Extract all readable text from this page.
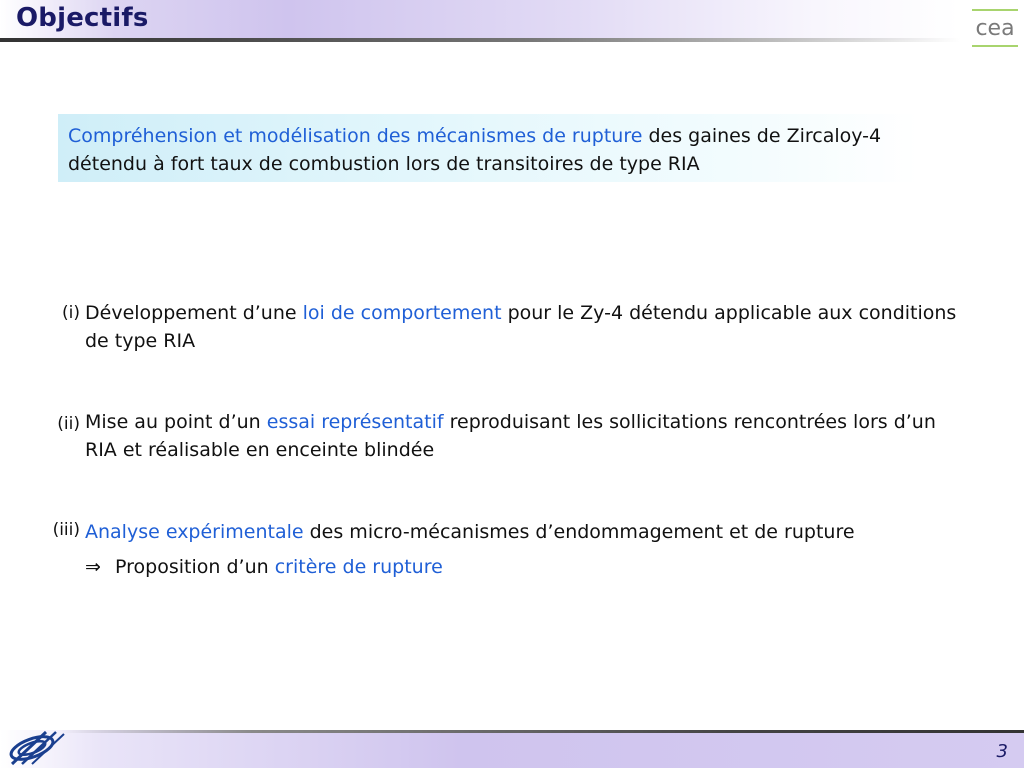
Objectifs	cea

Compréhension et modélisation des mécanismes de rupture des gaines de Zircaloy-4 détendu à fort taux de combustion lors de transitoires de type RIA

(i) Développement d’une loi de comportement pour le Zy-4 détendu applicable aux conditions de type RIA

(ii) Mise au point d’un essai représentatif reproduisant les sollicitations rencontrées lors d’un RIA et réalisable en enceinte blindée

(iii) Analyse expérimentale des micro-mécanismes d’endommagement et de rupture

⇒ Proposition d’un critère de rupture

3
